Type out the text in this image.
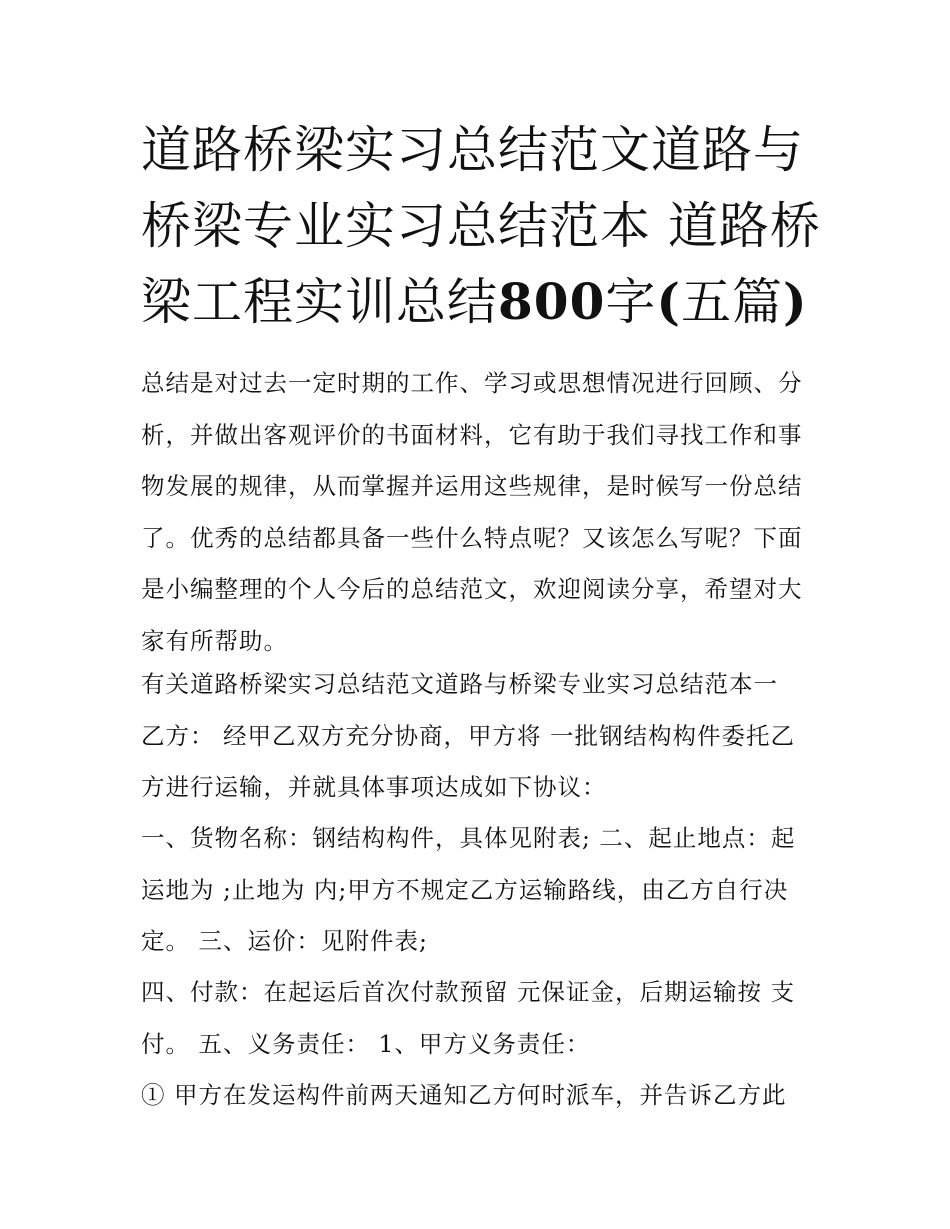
道路桥梁实习总结范文道路与桥梁专业实习总结范本 道路桥梁工程实训总结800字(五篇)

总结是对过去一定时期的工作、学习或思想情况进行回顾、分析，并做出客观评价的书面材料，它有助于我们寻找工作和事物发展的规律，从而掌握并运用这些规律，是时候写一份总结了。优秀的总结都具备一些什么特点呢？又该怎么写呢？下面是小编整理的个人今后的总结范文，欢迎阅读分享，希望对大家有所帮助。

有关道路桥梁实习总结范文道路与桥梁专业实习总结范本一
乙方： 经甲乙双方充分协商，甲方将 一批钢结构构件委托乙方进行运输，并就具体事项达成如下协议：

一、货物名称：钢结构构件，具体见附表; 二、起止地点：起运地为 ;止地为 内;甲方不规定乙方运输路线，由乙方自行决定。 三、运价：见附件表;

四、付款：在起运后首次付款预留 元保证金，后期运输按 支付。 五、义务责任： 1、甲方义务责任：

① 甲方在发运构件前两天通知乙方何时派车，并告诉乙方此
